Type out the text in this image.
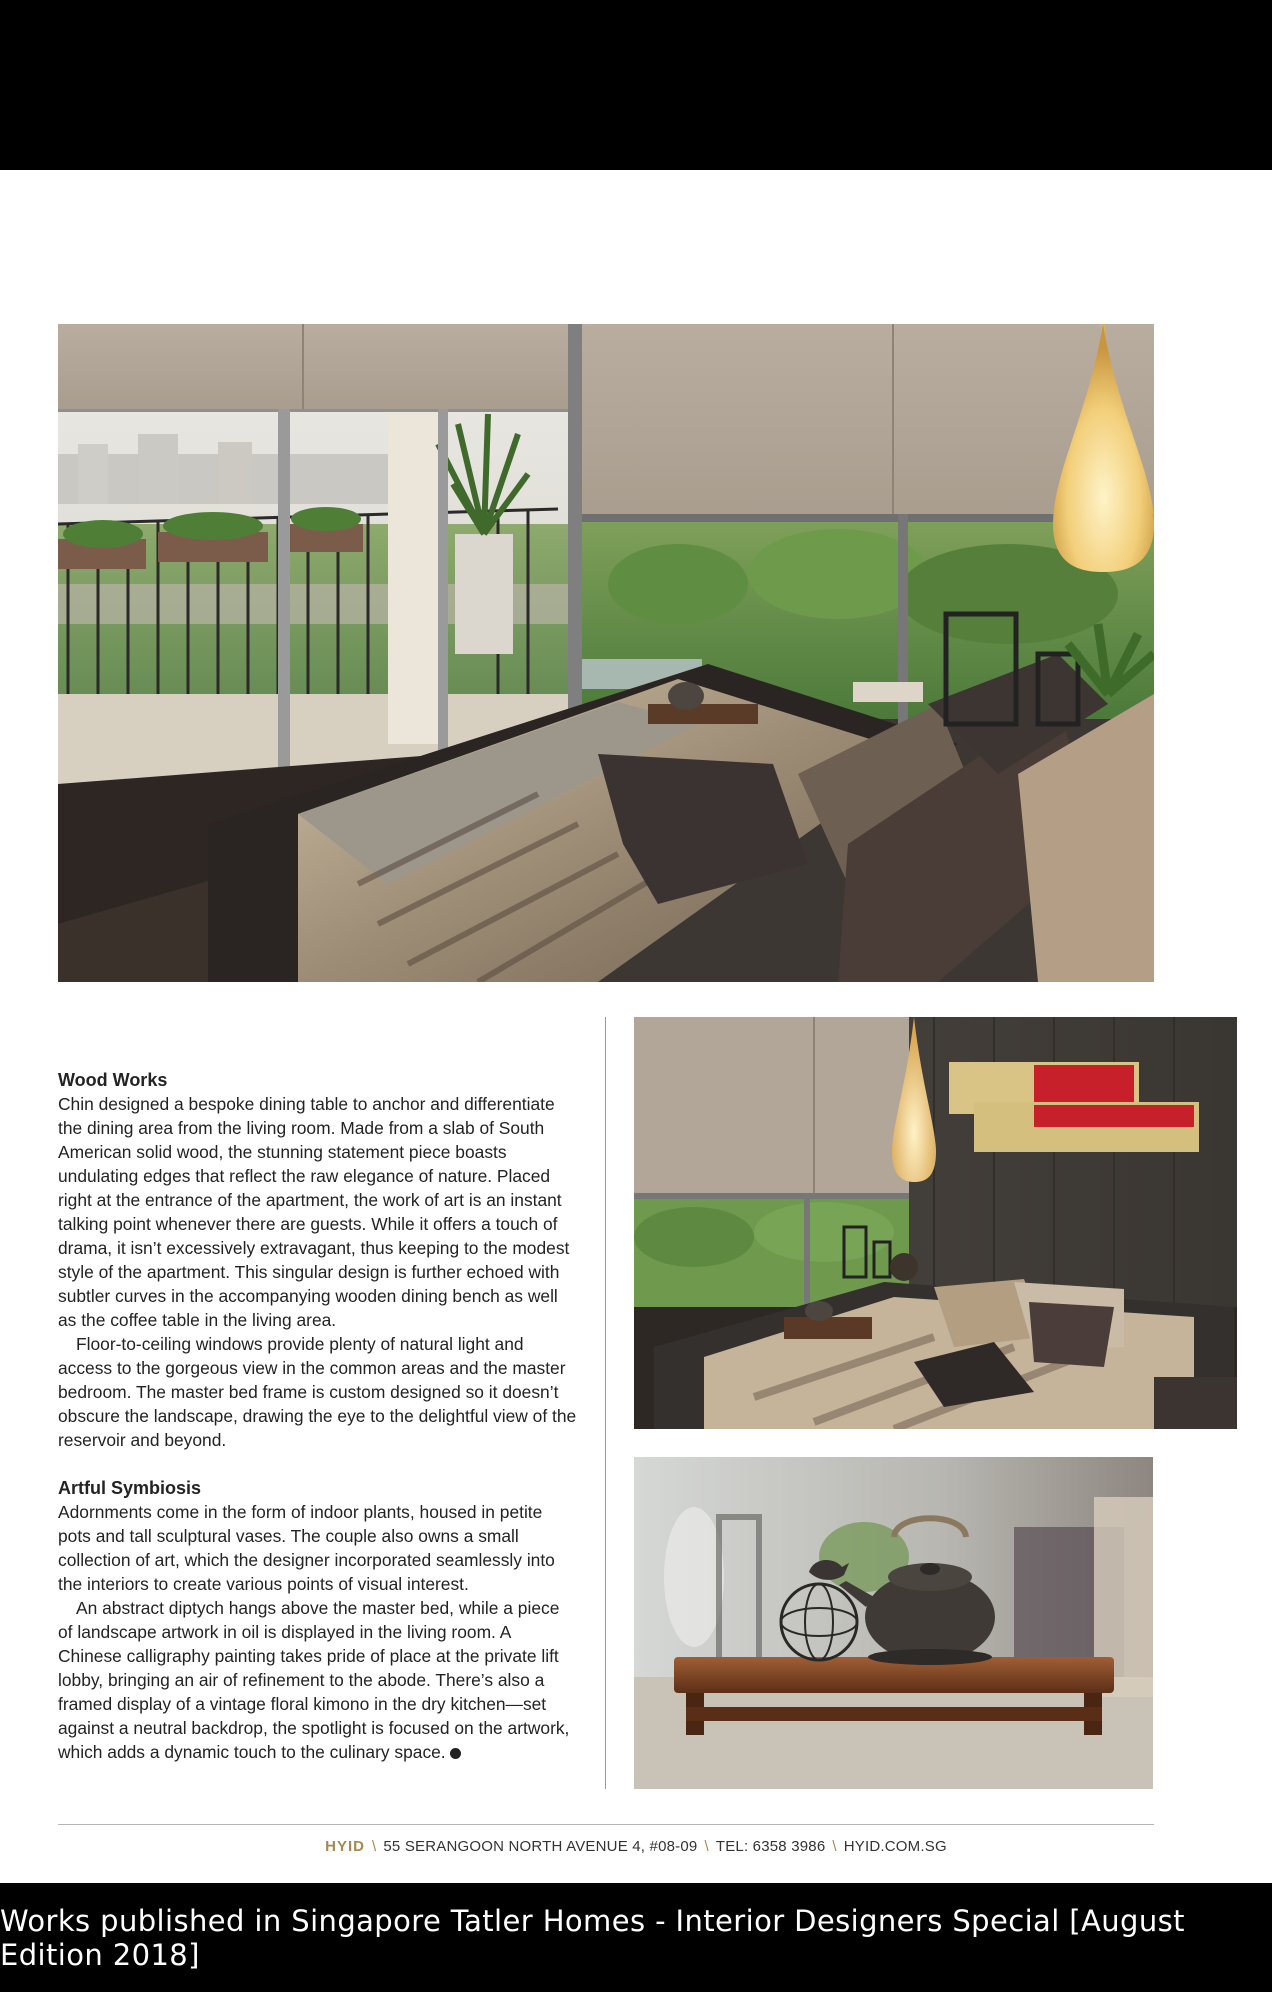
Wood Works

Chin designed a bespoke dining table to anchor and differentiate the dining area from the living room. Made from a slab of South American solid wood, the stunning statement piece boasts undulating edges that reflect the raw elegance of nature. Placed right at the entrance of the apartment, the work of art is an instant talking point whenever there are guests. While it offers a touch of drama, it isn’t excessively extravagant, thus keeping to the modest style of the apartment. This singular design is further echoed with subtler curves in the accompanying wooden dining bench as well as the coffee table in the living area.

Floor-to-ceiling windows provide plenty of natural light and access to the gorgeous view in the common areas and the master bedroom. The master bed frame is custom designed so it doesn’t obscure the landscape, drawing the eye to the delightful view of the reservoir and beyond.

Artful Symbiosis

Adornments come in the form of indoor plants, housed in petite pots and tall sculptural vases. The couple also owns a small collection of art, which the designer incorporated seamlessly into the interiors to create various points of visual interest.

An abstract diptych hangs above the master bed, while a piece of landscape artwork in oil is displayed in the living room. A Chinese calligraphy painting takes pride of place at the private lift lobby, bringing an air of refinement to the abode. There’s also a framed display of a vintage floral kimono in the dry kitchen—set against a neutral backdrop, the spotlight is focused on the artwork, which adds a dynamic touch to the culinary space.	H

HYID \ 55 SERANGOON NORTH AVENUE 4, #08-09 \ TEL: 6358 3986 \ HYID.COM.SG
Works published in Singapore Tatler Homes - Interior Designers Special [August Edition 2018]
